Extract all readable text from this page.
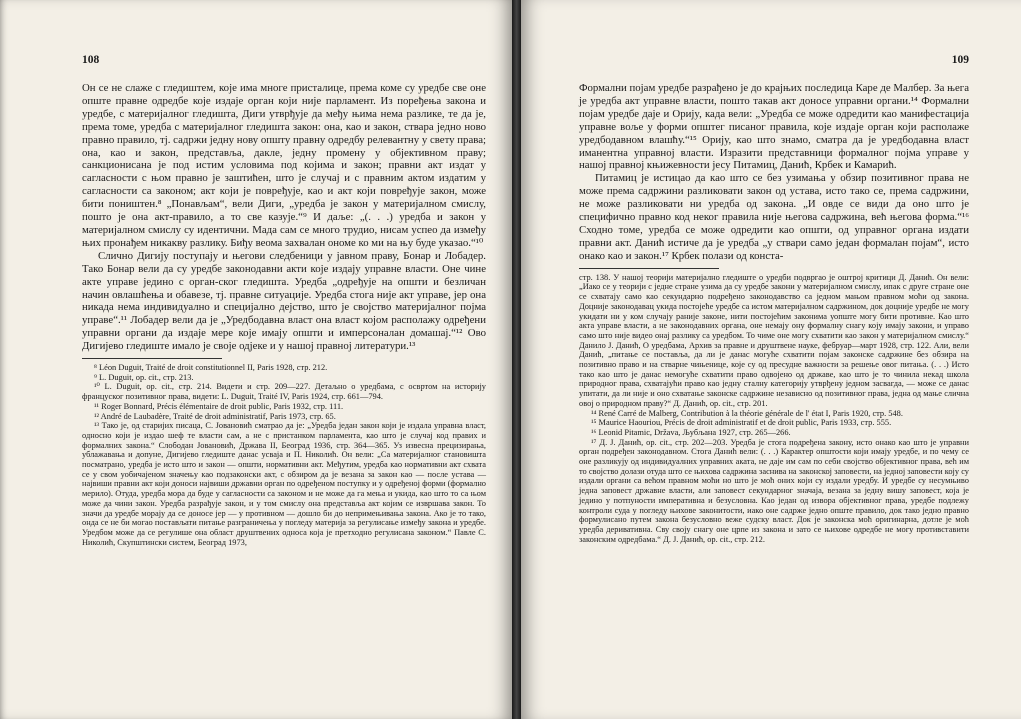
108

Он се не слаже с гледиштем, које има многе присталице, према коме су уредбе све оне опште правне одредбе које издаје орган који није парламент. Из поређења закона и уредбе, с материјалног гледишта, Диги утврђује да међу њима нема разлике, те да је, према томе, уредба с материјалног гледишта закон: она, као и закон, ствара једно ново правно правило, тј. садржи једну нову општу правну одредбу релевантну у свету права; она, као и закон, представља, дакле, једну промену у објективном праву; санкционисана је под истим условима под којима и закон; правни акт издат у сагласности с њом правно је заштићен, што је случај и с правним актом издатим у сагласности са законом; акт који је повређује, као и акт који повређује закон, може бити поништен.⁸ „Понављам“, вели Диги, „уредба је закон у материјалном смислу, пошто је она акт-правило, а то све казује.“⁹ И даље: „(. . .) уредба и закон у материјалном смислу су идентични. Мада сам се много трудио, нисам успео да између њих пронађем никакву разлику. Биђу веома захвалан ономе ко ми на њу буде указао.“¹⁰

Слично Дигију поступају и његови следбеници у јавном праву, Бонар и Лобадер. Тако Бонар вели да су уредбе законодавни акти које издају управне власти. Оне чине акте управе једино с орган-ског гледишта. Уредба „одређује на општи и безличан начин овлашћења и обавезе, тј. правне ситуације. Уредба стога није акт управе, јер она никада нема индивидуално и специјално дејство, што је својство материјалног појма управе“.¹¹ Лобадер вели да је „Уредбодавна власт она власт којом располажу одређени управни органи да издаје мере које имају општи и имперсоналан домашај.“¹² Ово Дигијево гледиште имало је своје одјеке и у нашој правној литератури.¹³

⁸ Léon Duguit, Traité de droit constitutionnel II, Paris 1928, стр. 212.

⁹ L. Duguit, op. cit., стр. 213.

¹⁰ L. Duguit, op. cit., стр. 214. Видети и стр. 209—227. Детаљно о уредбама, с освртом на историју француског позитивног права, видети: L. Duguit, Traité IV, Paris 1924, стр. 661—794.

¹¹ Roger Bonnard, Précis élémentaire de droit public, Paris 1932, стр. 111.

¹² André de Laubadère, Traité de droit administratif, Paris 1973, стр. 65.

¹³ Тако је, од старијих писаца, С. Јовановић сматрао да је: „Уредба један закон који је издала управна власт, односно који је издао шеф те власти сам, а не с пристанком парламента, као што је случај код правих и формалних закона.“ Слободан Јовановић, Држава II, Београд 1936, стр. 364—365. Уз извесна прецизирања, ублажавања и допуне, Дигијево гледиште данас усваја и П. Николић. Он вели: „Са материјалног становишта посматрано, уредба је исто што и закон — општи, нормативни акт. Међутим, уредба као нормативни акт схвата се у свом уобичајеном значењу као подзаконски акт, с обзиром да је везана за закон као — после устава — највиши правни акт који доноси највиши државни орган по одређеном поступку и у одређеној форми (формално мерило). Отуда, уредба мора да буде у сагласности са законом и не може да га мења и укида, као што то са њом може да чини закон. Уредба разрађује закон, и у том смислу она представља акт којим се извршава закон. То значи да уредбе морају да се доносе јер — у противном — дошло би до непримењивања закона. Ако је то тако, онда се не би могао постављати питање разграничења у погледу материја за регулисање између закона и уредбе. Уредбом може да се регулише она област друштвених односа која је претходно регулисана законом.“ Павле С. Николић, Скупштински систем, Београд 1973,

109

Формални појам уредбе разрађено је до крајњих последица Каре де Малбер. За њега је уредба акт управне власти, пошто такав акт доносе управни органи.¹⁴ Формални појам уредбе даје и Оријy, када вели: „Уредба се може одредити као манифестација управне воље у форми општег писаног правила, које издаје орган који располаже уредбодавном влашћу.“¹⁵ Орију, као што знамо, сматра да је уредбодавна власт иманентна управној власти. Изразити представници формалног појма управе у нашој правној књижевности јесу Питамиц, Данић, Крбек и Камарић.

Питамиц је истицао да као што се без узимања у обзир позитивног права не може према садржини разликовати закон од устава, исто тако се, према садржини, не може разликовати ни уредба од закона. „И овде се види да оно што је специфично правно код неког правила није његова садржина, већ његова форма.“¹⁶ Сходно томе, уредба се може одредити као општи, од управног органа издати правни акт. Данић истиче да је уредба „у ствари само један формалан појам“, исто онако као и закон.¹⁷ Крбек полази од конста-

стр. 138. У нашој теорији материјално гледиште о уредби подвргао је оштрој критици Д. Данић. Он вели: „Иако се у теорији с једне стране узима да су уредбе закони у материјалном смислу, ипак с друге стране оне се схватају само као секундарно подређено законодавство са једном мањом правном моћи од закона. Доцније законодавац укида постојеће уредбе са истом материјалном садржином, док доцније уредбе не могу укидати ни у ком случају раније законе, нити постојећим законима уопште могу бити противне. Као што акта управе власти, а не законодавних органа, оне немају ону формалну снагу коју имају закони, и управо само што није видео онај разлику са уредбом. То чиме оне могу схватити као закон у материјалном смислу.“ Данило Ј. Данић, О уредбама, Архив за правне и друштвене науке, фебруар—март 1928, стр. 122. Али, вели Данић, „питање се поставља, да ли је данас могуће схватити појам законске садржине без обзира на позитивно право и на стварне чињенице, које су од пресудне важности за решење овог питања. (. . .) Исто тако као што је данас немогуће схватити право одвојено од државе, као што је то чинила некад школа природног права, схватајући право као једну сталну категорију утврђену једном засвагда, — може се данас упитати, да ли није и оно схватање законске садржине независно од позитивног права, једна од мање слична овој о природном праву?“ Д. Данић, op. cit., стр. 201.

¹⁴ René Carré de Malberg, Contribution à la théorie générale de l' état I, Paris 1920, стр. 548.

¹⁵ Maurice Haouriou, Précis de droit administratif et de droit public, Paris 1933, стр. 555.

¹⁶ Leonid Pitamic, Država, Љубљана 1927, стр. 265—266.

¹⁷ Д. Ј. Данић, op. cit., стр. 202—203. Уредба је стога подређена закону, исто онако као што је управни орган подређен законодавном. Стога Данић вели: (. . .) Карактер општости који имају уредбе, и по чему се оне разликују од индивидуалних управних аката, не даје им сам по себи својство објективног права, већ им то својство долази отуда што се њихова садржина заснива на законској заповести, на једној заповести коју су издали органи са већом правном моћи но што је моћ оних који су издали уредбу. И уредбе су несумњиво једна заповест државне власти, али заповест секундарног значаја, везана за једну вишу заповест, која је једино у потпуности императивна и безусловна. Као један од извора објективног права, уредбе подлежу контроли суда у погледу њихове законитости, иако оне садрже једно опште правило, док тако једно правно формулисано путем закона безусловно веже судску власт. Док је законска моћ оригинарна, дотле је моћ уредба деривативна. Сву своју снагу оне црпе из закона и зато се њихове одредбе не могу противставити законским одредбама.“ Д. Ј. Данић, op. cit., стр. 212.
